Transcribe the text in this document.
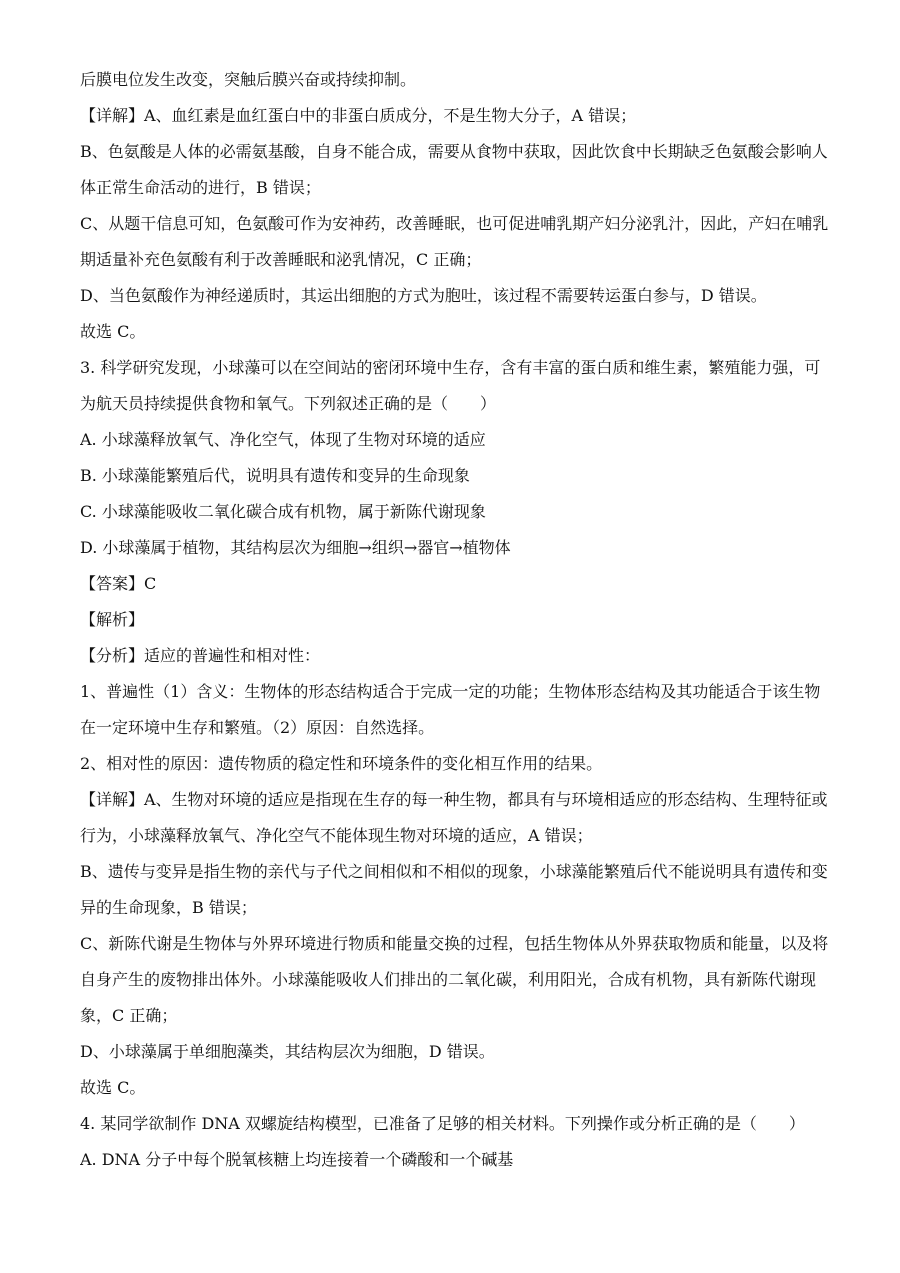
后膜电位发生改变，突触后膜兴奋或持续抑制。
【详解】A、血红素是血红蛋白中的非蛋白质成分，不是生物大分子，A 错误；
B、色氨酸是人体的必需氨基酸，自身不能合成，需要从食物中获取，因此饮食中长期缺乏色氨酸会影响人
体正常生命活动的进行，B 错误；
C、从题干信息可知，色氨酸可作为安神药，改善睡眠，也可促进哺乳期产妇分泌乳汁，因此，产妇在哺乳
期适量补充色氨酸有利于改善睡眠和泌乳情况，C 正确；
D、当色氨酸作为神经递质时，其运出细胞的方式为胞吐，该过程不需要转运蛋白参与，D 错误。
故选 C。
3. 科学研究发现，小球藻可以在空间站的密闭环境中生存，含有丰富的蛋白质和维生素，繁殖能力强，可
为航天员持续提供食物和氧气。下列叙述正确的是（　　）
A. 小球藻释放氧气、净化空气，体现了生物对环境的适应
B. 小球藻能繁殖后代，说明具有遗传和变异的生命现象
C. 小球藻能吸收二氧化碳合成有机物，属于新陈代谢现象
D. 小球藻属于植物，其结构层次为细胞→组织→器官→植物体
【答案】C
【解析】
【分析】适应的普遍性和相对性：
1、普遍性（1）含义：生物体的形态结构适合于完成一定的功能；生物体形态结构及其功能适合于该生物
在一定环境中生存和繁殖。（2）原因：自然选择。
2、相对性的原因：遗传物质的稳定性和环境条件的变化相互作用的结果。
【详解】A、生物对环境的适应是指现在生存的每一种生物，都具有与环境相适应的形态结构、生理特征或
行为，小球藻释放氧气、净化空气不能体现生物对环境的适应，A 错误；
B、遗传与变异是指生物的亲代与子代之间相似和不相似的现象，小球藻能繁殖后代不能说明具有遗传和变
异的生命现象，B 错误；
C、新陈代谢是生物体与外界环境进行物质和能量交换的过程，包括生物体从外界获取物质和能量，以及将
自身产生的废物排出体外。小球藻能吸收人们排出的二氧化碳，利用阳光，合成有机物，具有新陈代谢现
象，C 正确；
D、小球藻属于单细胞藻类，其结构层次为细胞，D 错误。
故选 C。
4. 某同学欲制作 DNA 双螺旋结构模型，已准备了足够的相关材料。下列操作或分析正确的是（　　）
A. DNA 分子中每个脱氧核糖上均连接着一个磷酸和一个碱基
